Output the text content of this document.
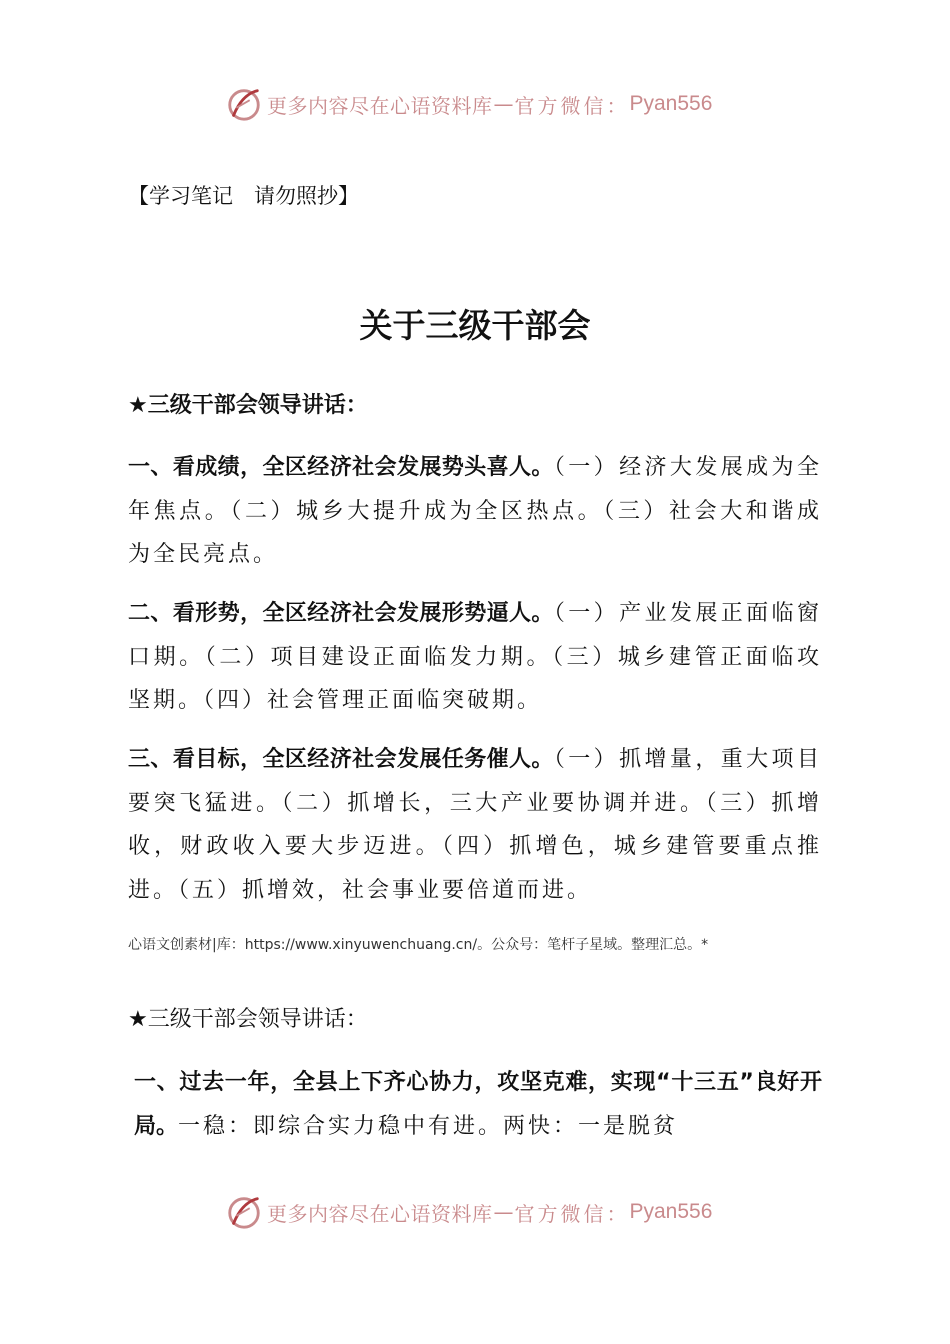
更多内容尽在心语资料库 — 官方微信： Pyan556
【学习笔记　请勿照抄】
关于三级干部会
★三级干部会领导讲话：
一、看成绩，全区经济社会发展势头喜人。（一）经济大发展成为全年焦点。（二）城乡大提升成为全区热点。（三）社会大和谐成为全民亮点。
二、看形势，全区经济社会发展形势逼人。（一）产业发展正面临窗口期。（二）项目建设正面临发力期。（三）城乡建管正面临攻坚期。（四）社会管理正面临突破期。
三、看目标，全区经济社会发展任务催人。（一）抓增量，重大项目要突飞猛进。（二）抓增长，三大产业要协调并进。（三）抓增收，财政收入要大步迈进。（四）抓增色，城乡建管要重点推进。（五）抓增效，社会事业要倍道而进。
心语文创素材|库：https://www.xinyuwenchuang.cn/。公众号：笔杆子星域。整理汇总。*
★三级干部会领导讲话：
一、过去一年，全县上下齐心协力，攻坚克难，实现“十三五”良好开局。一稳：即综合实力稳中有进。两快：一是脱贫
更多内容尽在心语资料库 — 官方微信： Pyan556
